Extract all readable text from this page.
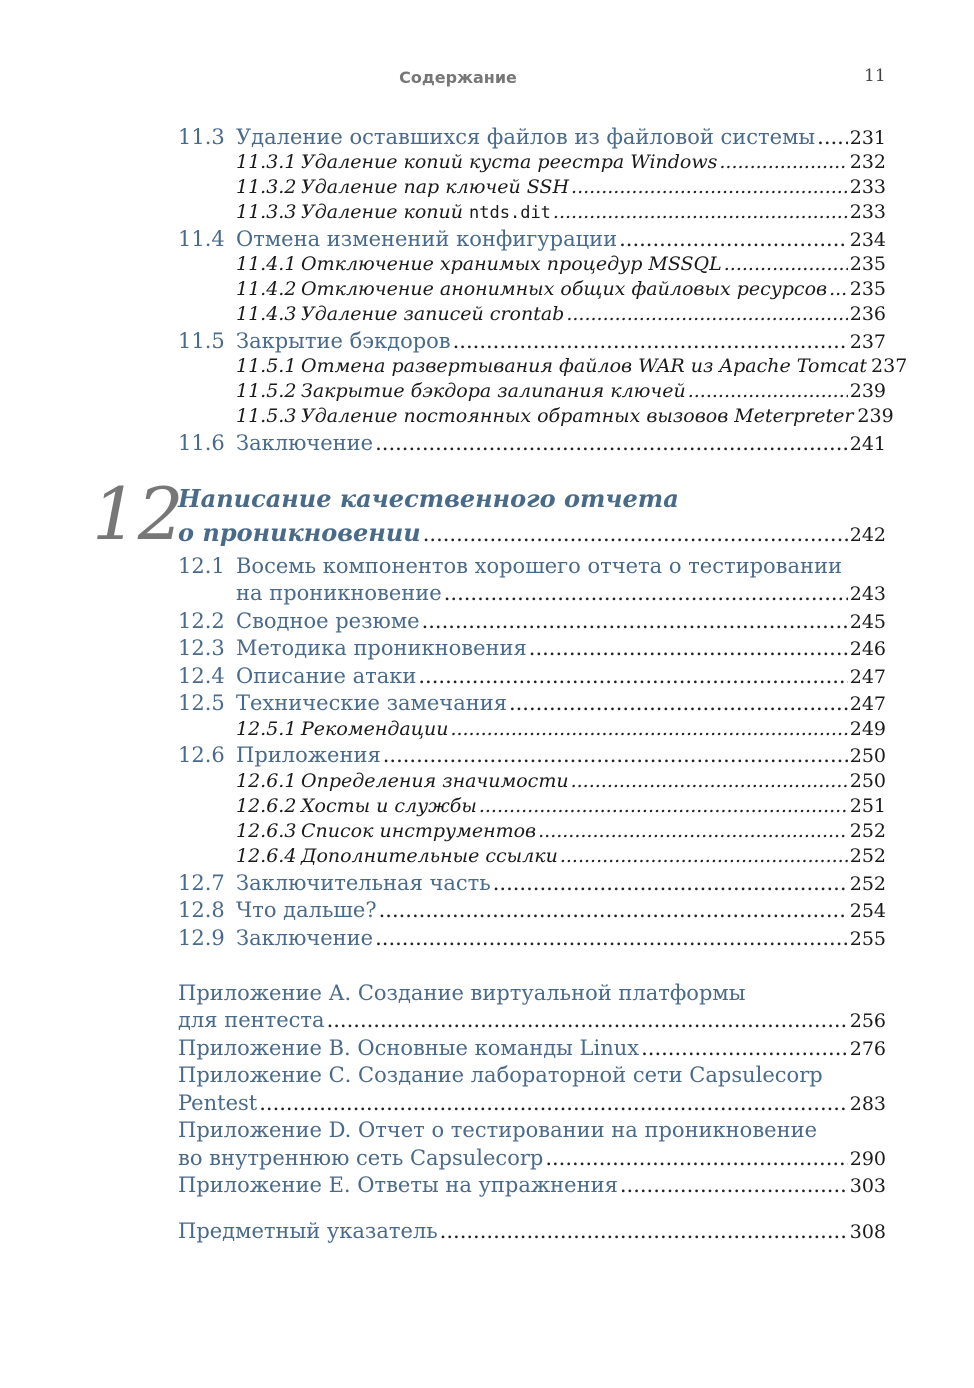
Содержание	11
11.3 Удаление оставшихся файлов из файловой системы ..... 231
11.3.1 Удаление копий куста реестра Windows .....	232
11.3.2 Удаление пар ключей SSH .....	233
11.3.3 Удаление копий ntds.dit .....	233
11.4 Отмена изменений конфигурации .....	234
11.4.1 Отключение хранимых процедур MSSQL .....	235
11.4.2 Отключение анонимных общих файловых ресурсов ..... 235
11.4.3 Удаление записей crontab .....	236
11.5 Закрытие бэкдоров .....	237
11.5.1 Отмена развертывания файлов WAR из Apache Tomcat 237
11.5.2 Закрытие бэкдора залипания ключей .....	239
11.5.3 Удаление постоянных обратных вызовов Meterpreter 239
11.6 Заключение .....	241
Написание качественного отчета
о проникновении .....	242
12.1 Восемь компонентов хорошего отчета о тестировании
на проникновение .....	243
12.2 Сводное резюме .....	245
12.3 Методика проникновения .....	246
12.4 Описание атаки .....	247
12.5 Технические замечания .....	247
12.5.1 Рекомендации .....	249
12.6 Приложения .....	250
12.6.1 Определения значимости .....	250
12.6.2 Хосты и службы .....	251
12.6.3 Список инструментов .....	252
12.6.4 Дополнительные ссылки .....	252
12.7 Заключительная часть .....	252
12.8 Что дальше? .....	254
12.9 Заключение .....	255
Приложение А. Создание виртуальной платформы
для пентеста .....	256
Приложение В. Основные команды Linux .....	276
Приложение С. Создание лабораторной сети Capsulecorp
Pentest .....	283
Приложение D. Отчет о тестировании на проникновение
во внутреннюю сеть Capsulecorp .....	290
Приложение Е. Ответы на упражнения .....	303
Предметный указатель .....	308
12
